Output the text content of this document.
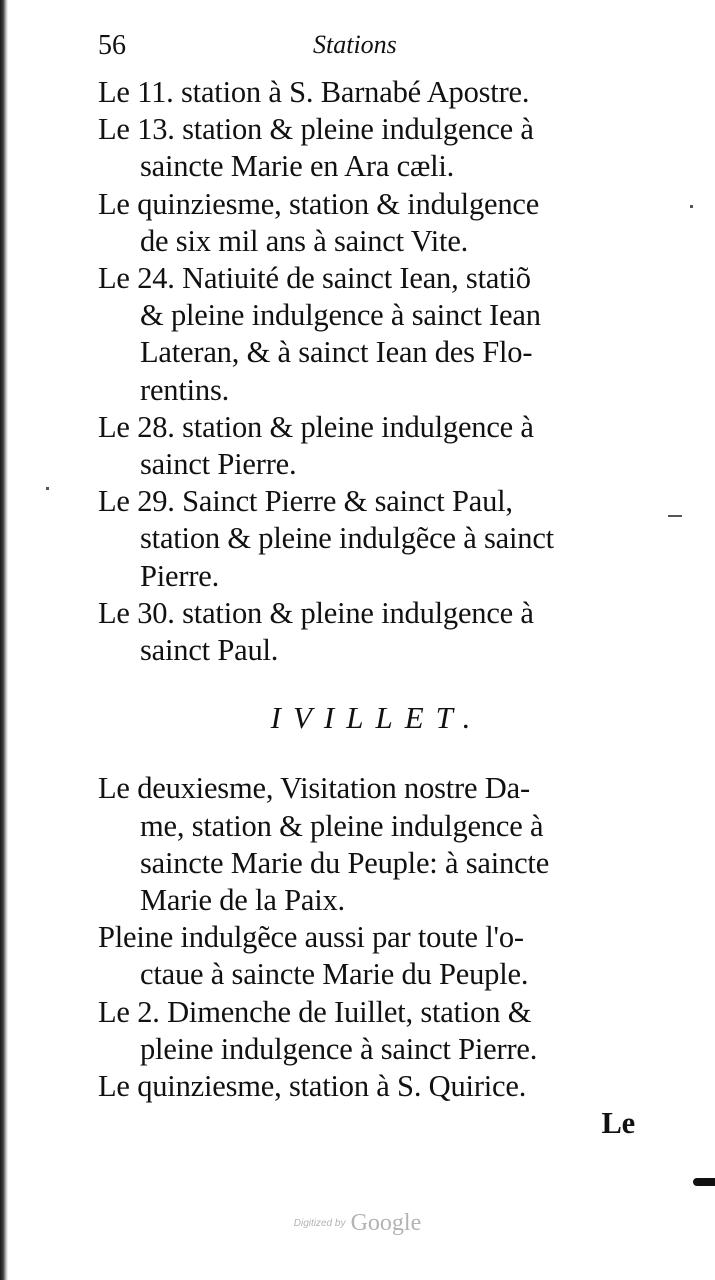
56	Stations

Le 11. station à S. Barnabé Apostre.

Le 13. station & pleine indulgence à
saincte Marie en Ara cæli.

Le quinziesme, station & indulgence
de six mil ans à sainct Vite.

Le 24. Natiuité de sainct Iean, statiõ
& pleine indulgence à sainct Iean
Lateran, & à sainct Iean des Flo-
rentins.

Le 28. station & pleine indulgence à
sainct Pierre.

Le 29. Sainct Pierre & sainct Paul,
station & pleine indulgẽce à sainct
Pierre.

Le 30. station & pleine indulgence à
sainct Paul.

IVILLET.

Le deuxiesme, Visitation nostre Da-
me, station & pleine indulgence à
saincte Marie du Peuple: à saincte
Marie de la Paix.

Pleine indulgẽce aussi par toute l'o-
ctaue à saincte Marie du Peuple.

Le 2. Dimenche de Iuillet, station &
pleine indulgence à sainct Pierre.

Le quinziesme, station à S. Quirice.

Le

Digitized by Google
